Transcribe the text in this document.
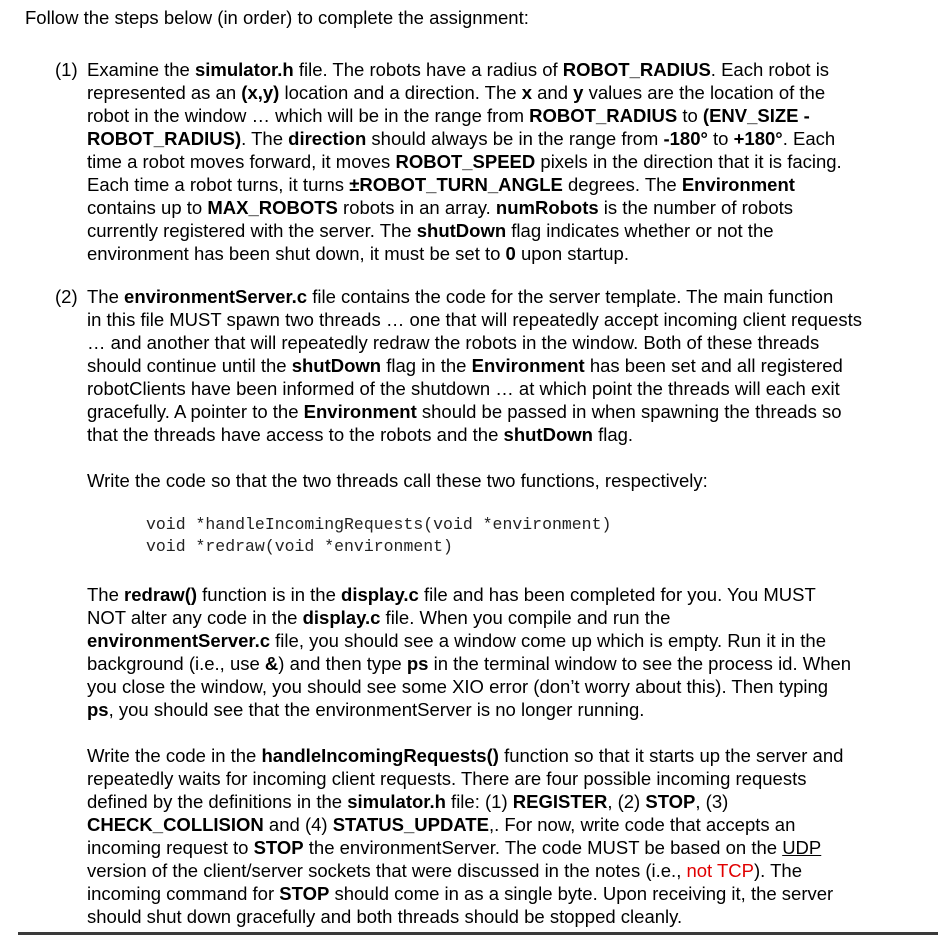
Follow the steps below (in order) to complete the assignment:
(1) Examine the simulator.h file. The robots have a radius of ROBOT_RADIUS. Each robot is
represented as an (x,y) location and a direction. The x and y values are the location of the
robot in the window … which will be in the range from ROBOT_RADIUS to (ENV_SIZE -
ROBOT_RADIUS). The direction should always be in the range from -180° to +180°. Each
time a robot moves forward, it moves ROBOT_SPEED pixels in the direction that it is facing.
Each time a robot turns, it turns ±ROBOT_TURN_ANGLE degrees. The Environment
contains up to MAX_ROBOTS robots in an array. numRobots is the number of robots
currently registered with the server. The shutDown flag indicates whether or not the
environment has been shut down, it must be set to 0 upon startup.
(2) The environmentServer.c file contains the code for the server template. The main function
in this file MUST spawn two threads … one that will repeatedly accept incoming client requests
… and another that will repeatedly redraw the robots in the window. Both of these threads
should continue until the shutDown flag in the Environment has been set and all registered
robotClients have been informed of the shutdown … at which point the threads will each exit
gracefully. A pointer to the Environment should be passed in when spawning the threads so
that the threads have access to the robots and the shutDown flag.
Write the code so that the two threads call these two functions, respectively:
void *handleIncomingRequests(void *environment)
void *redraw(void *environment)
The redraw() function is in the display.c file and has been completed for you. You MUST
NOT alter any code in the display.c file. When you compile and run the
environmentServer.c file, you should see a window come up which is empty. Run it in the
background (i.e., use &) and then type ps in the terminal window to see the process id. When
you close the window, you should see some XIO error (don’t worry about this). Then typing
ps, you should see that the environmentServer is no longer running.
Write the code in the handleIncomingRequests() function so that it starts up the server and
repeatedly waits for incoming client requests. There are four possible incoming requests
defined by the definitions in the simulator.h file: (1) REGISTER, (2) STOP, (3)
CHECK_COLLISION and (4) STATUS_UPDATE,. For now, write code that accepts an
incoming request to STOP the environmentServer. The code MUST be based on the UDP
version of the client/server sockets that were discussed in the notes (i.e., not TCP). The
incoming command for STOP should come in as a single byte. Upon receiving it, the server
should shut down gracefully and both threads should be stopped cleanly.
